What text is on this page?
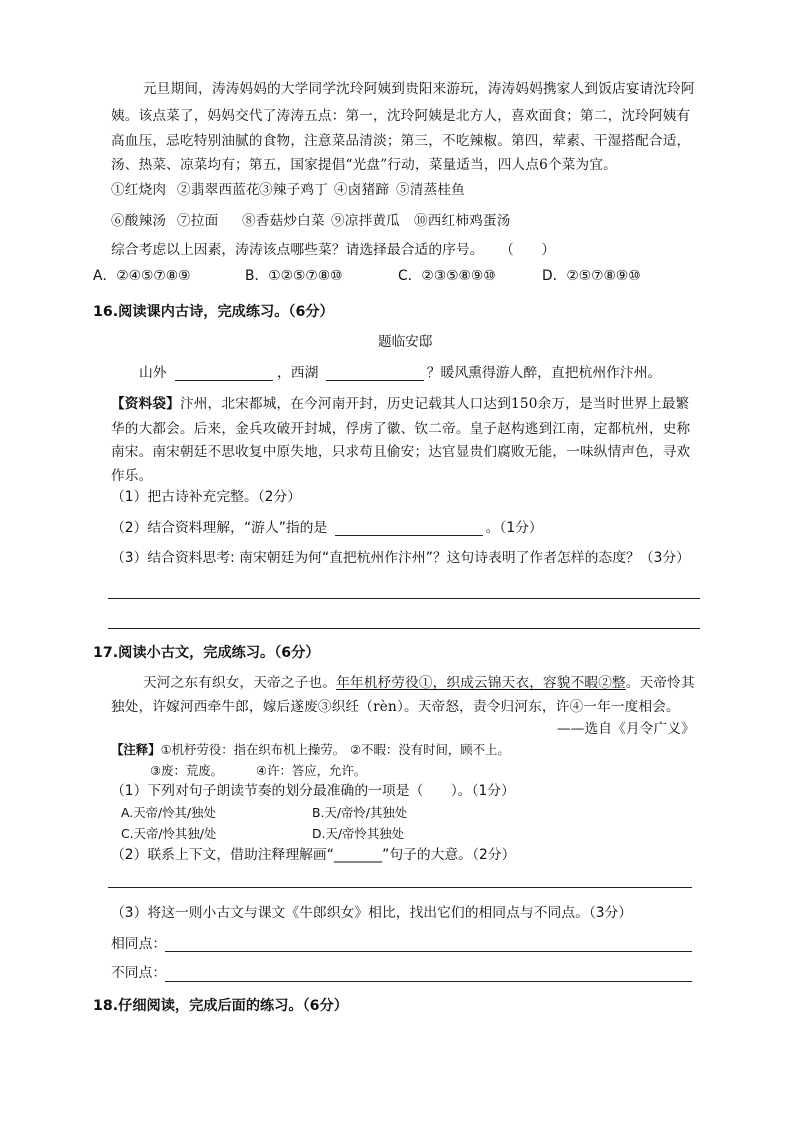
元旦期间，涛涛妈妈的大学同学沈玲阿姨到贵阳来游玩，涛涛妈妈携家人到饭店宴请沈玲阿
姨。该点菜了，妈妈交代了涛涛五点：第一，沈玲阿姨是北方人，喜欢面食；第二，沈玲阿姨有
高血压，忌吃特别油腻的食物，注意菜品清淡；第三，不吃辣椒。第四，荤素、干湿搭配合适，
汤、热菜、凉菜均有；第五，国家提倡“光盘”行动，菜量适当，四人点6个菜为宜。
①红烧肉 ②翡翠西蓝花 ③辣子鸡丁 ④卤猪蹄 ⑤清蒸桂鱼
⑥酸辣汤 ⑦拉面 ⑧香菇炒白菜 ⑨凉拌黄瓜 ⑩西红柿鸡蛋汤
综合考虑以上因素，涛涛该点哪些菜？请选择最合适的序号。 （　　）
A．②④⑤⑦⑧⑨	B．①②⑤⑦⑧⑩	C．②③⑤⑧⑨⑩	D．②⑤⑦⑧⑨⑩
16.阅读课内古诗，完成练习。（6分）
题临安邸
山外	，西湖	？暖风熏得游人醉，直把杭州作汴州。
【资料袋】汴州，北宋都城，在今河南开封，历史记载其人口达到150余万，是当时世界上最繁
华的大都会。后来，金兵攻破开封城，俘虏了徽、钦二帝。皇子赵构逃到江南，定都杭州，史称
南宋。南宋朝廷不思收复中原失地，只求苟且偷安；达官显贵们腐败无能，一味纵情声色，寻欢
作乐。
（1）把古诗补充完整。（2分）
（2）结合资料理解，“游人”指的是	。（1分）
（3）结合资料思考: 南宋朝廷为何“直把杭州作汴州”？这句诗表明了作者怎样的态度？（3分）
17.阅读小古文，完成练习。（6分）
天河之东有织女，天帝之子也。年年机杼劳役①，织成云锦天衣，容貌不暇②整。天帝怜其
独处，许嫁河西牵牛郎，嫁后遂废③织纴（rèn）。天帝怒，责令归河东，许④一年一度相会。
——选自《月令广义》
【注释】①机杼劳役：指在织布机上操劳。 ②不暇：没有时间，顾不上。
③废：荒废。	④许：答应，允许。
（1）下列对句子朗读节奏的划分最准确的一项是（　　）。（1分）
A.天帝/怜其/独处	B.天/帝怜/其独处
C.天帝/怜其独/处	D.天/帝怜其独处
（2）联系上下文，借助注释理解画“_______”句子的大意。（2分）
（3）将这一则小古文与课文《牛郎织女》相比，找出它们的相同点与不同点。（3分）
相同点：
不同点：
18.仔细阅读，完成后面的练习。（6分）
